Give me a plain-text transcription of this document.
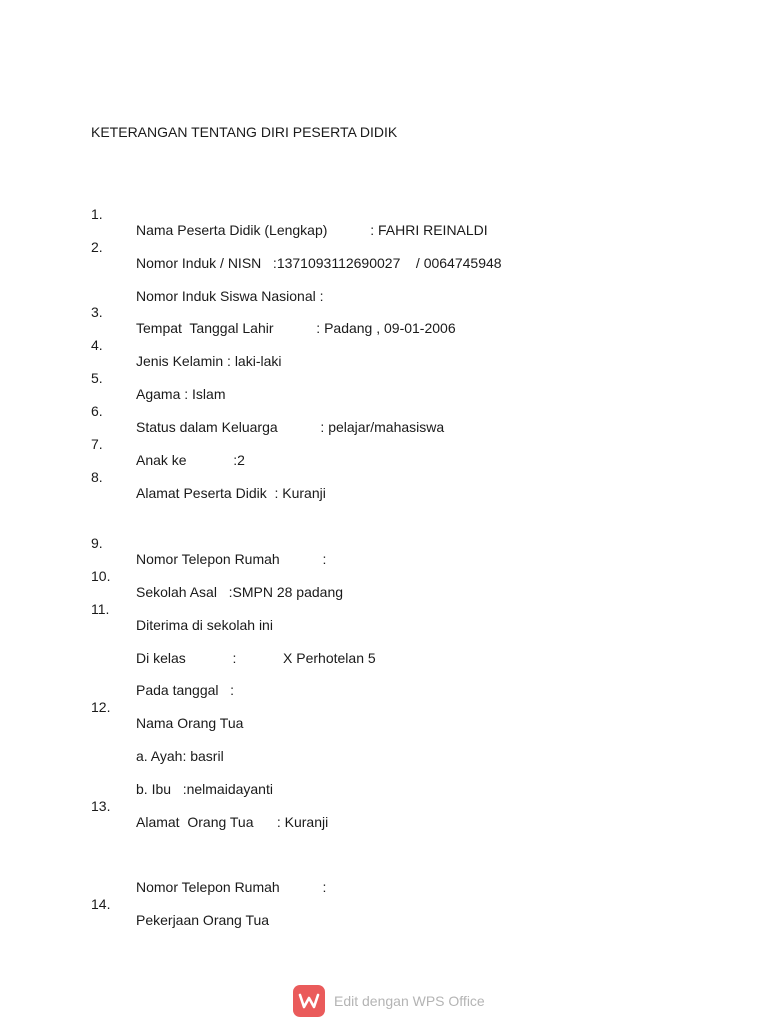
KETERANGAN TENTANG DIRI PESERTA DIDIK

1.

Nama Peserta Didik (Lengkap)           : FAHRI REINALDI

2.

Nomor Induk / NISN   :1371093112690027    / 0064745948

Nomor Induk Siswa Nasional :

3.

Tempat  Tanggal Lahir           : Padang , 09-01-2006

4.

Jenis Kelamin : laki-laki

5.

Agama : Islam

6.

Status dalam Keluarga           : pelajar/mahasiswa

7.

Anak ke            :2

8.

Alamat Peserta Didik  : Kuranji

9.

Nomor Telepon Rumah           :

10.

Sekolah Asal   :SMPN 28 padang

11.

Diterima di sekolah ini

Di kelas            :            X Perhotelan 5

Pada tanggal   :

12.

Nama Orang Tua

a. Ayah: basril

b. Ibu   :nelmaidayanti

13.

Alamat  Orang Tua      : Kuranji

Nomor Telepon Rumah           :

14.

Pekerjaan Orang Tua

Edit dengan WPS Office
